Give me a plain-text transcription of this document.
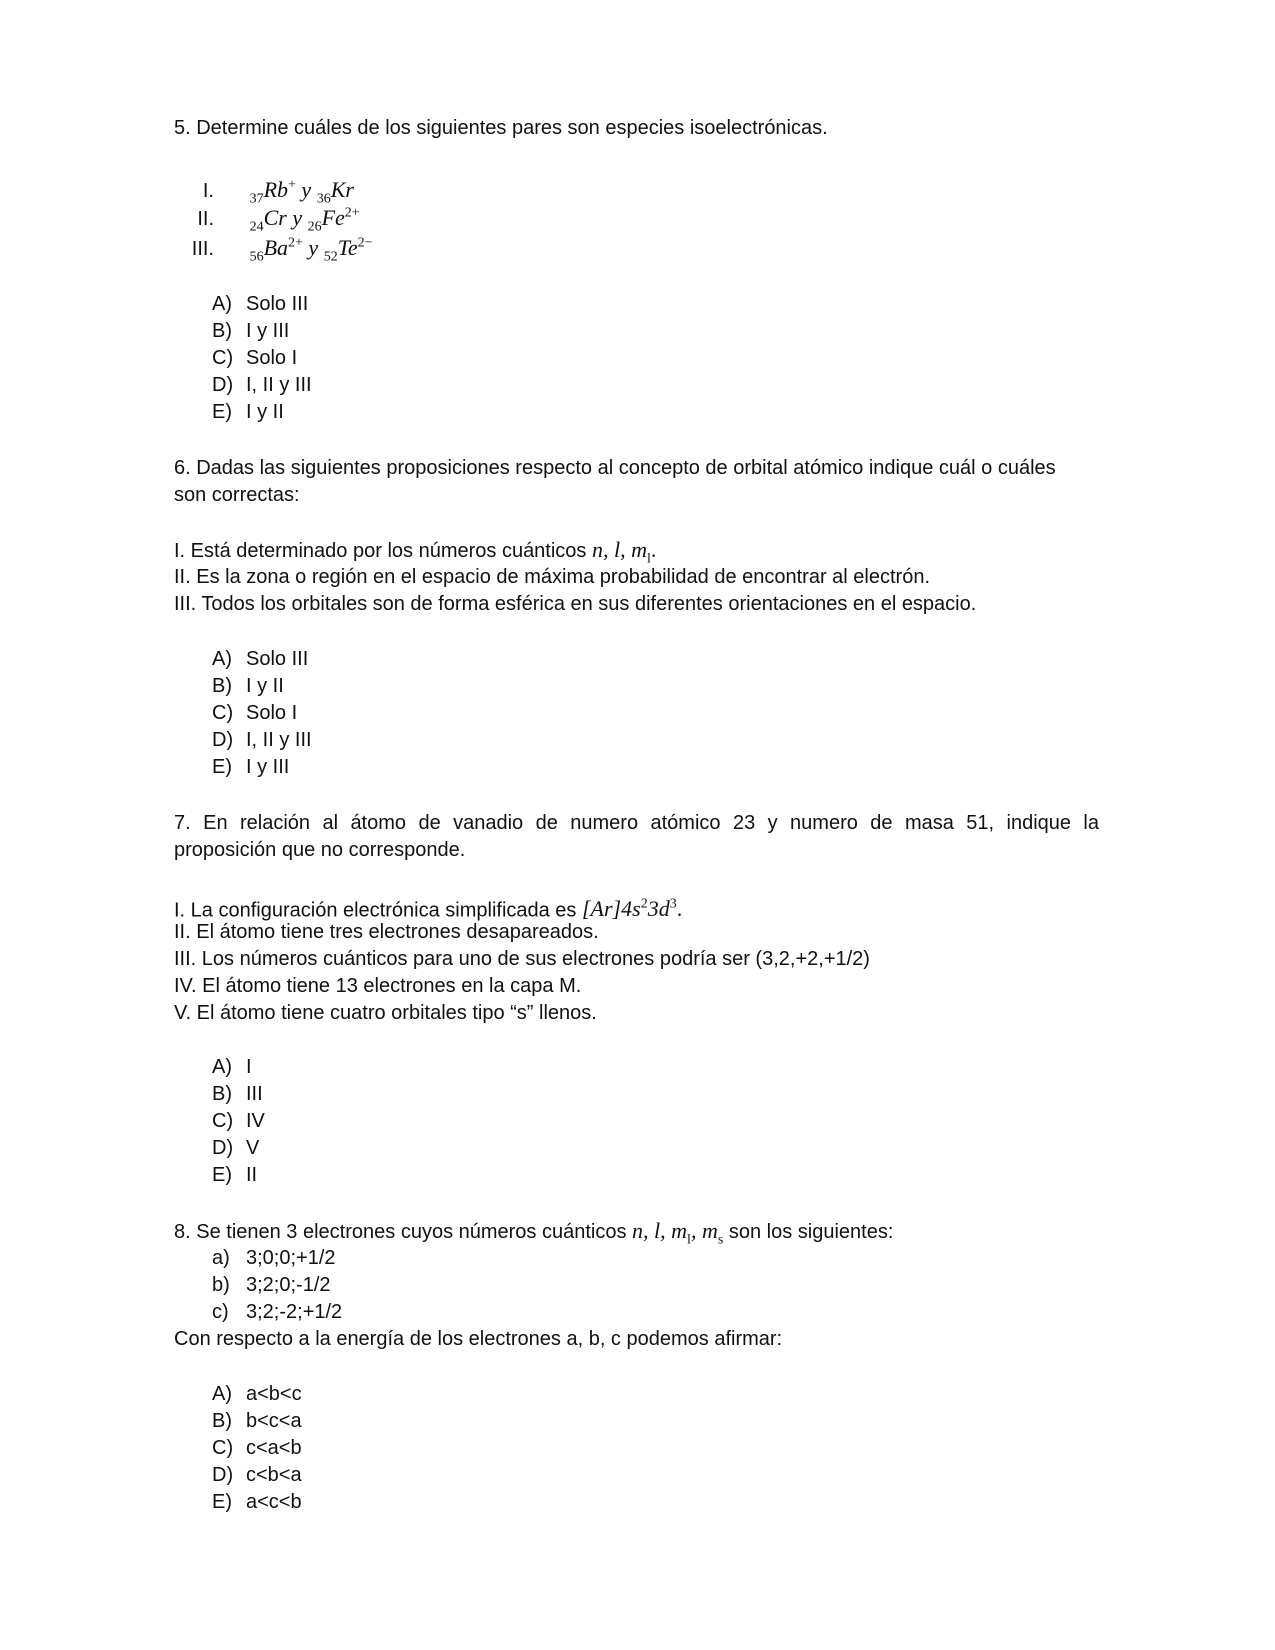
5. Determine cuáles de los siguientes pares son especies isoelectrónicas.
I.	$_{37}$Rb+ y $_{36}$Kr
II.	$_{24}$Cr y $_{26}Fe^{2+}$
III.	$_{56}Ba^{2+}$ y $_{52}Te^{2-}$
A) Solo III
B) I y III
C) Solo I
D) I, II y III
E) I y II
6. Dadas las siguientes proposiciones respecto al concepto de orbital atómico indique cuál o cuáles
son correctas:
I. Está determinado por los números cuánticos n, l, $m_l$.
II. Es la zona o región en el espacio de máxima probabilidad de encontrar al electrón.
III. Todos los orbitales son de forma esférica en sus diferentes orientaciones en el espacio.
A) Solo III
B) I y II
C) Solo I
D) I, II y III
E) I y III
7. En relación al átomo de vanadio de numero atómico 23 y numero de masa 51, indique la
proposición que no corresponde.
I. La configuración electrónica simplificada es $[Ar]4s^23d^3$.
II. El átomo tiene tres electrones desapareados.
III. Los números cuánticos para uno de sus electrones podría ser (3,2,+2,+1/2)
IV. El átomo tiene 13 electrones en la capa M.
V. El átomo tiene cuatro orbitales tipo “s” llenos.
A) I
B) III
C) IV
D) V
E) II
8. Se tienen 3 electrones cuyos números cuánticos n, l, $m_l$, $m_s$ son los siguientes:
a) 3;0;0;+1/2
b) 3;2;0;-1/2
c) 3;2;-2;+1/2
Con respecto a la energía de los electrones a, b, c podemos afirmar:
A) a<b<c
B) b<c<a
C) c<a<b
D) c<b<a
E) a<c<b
